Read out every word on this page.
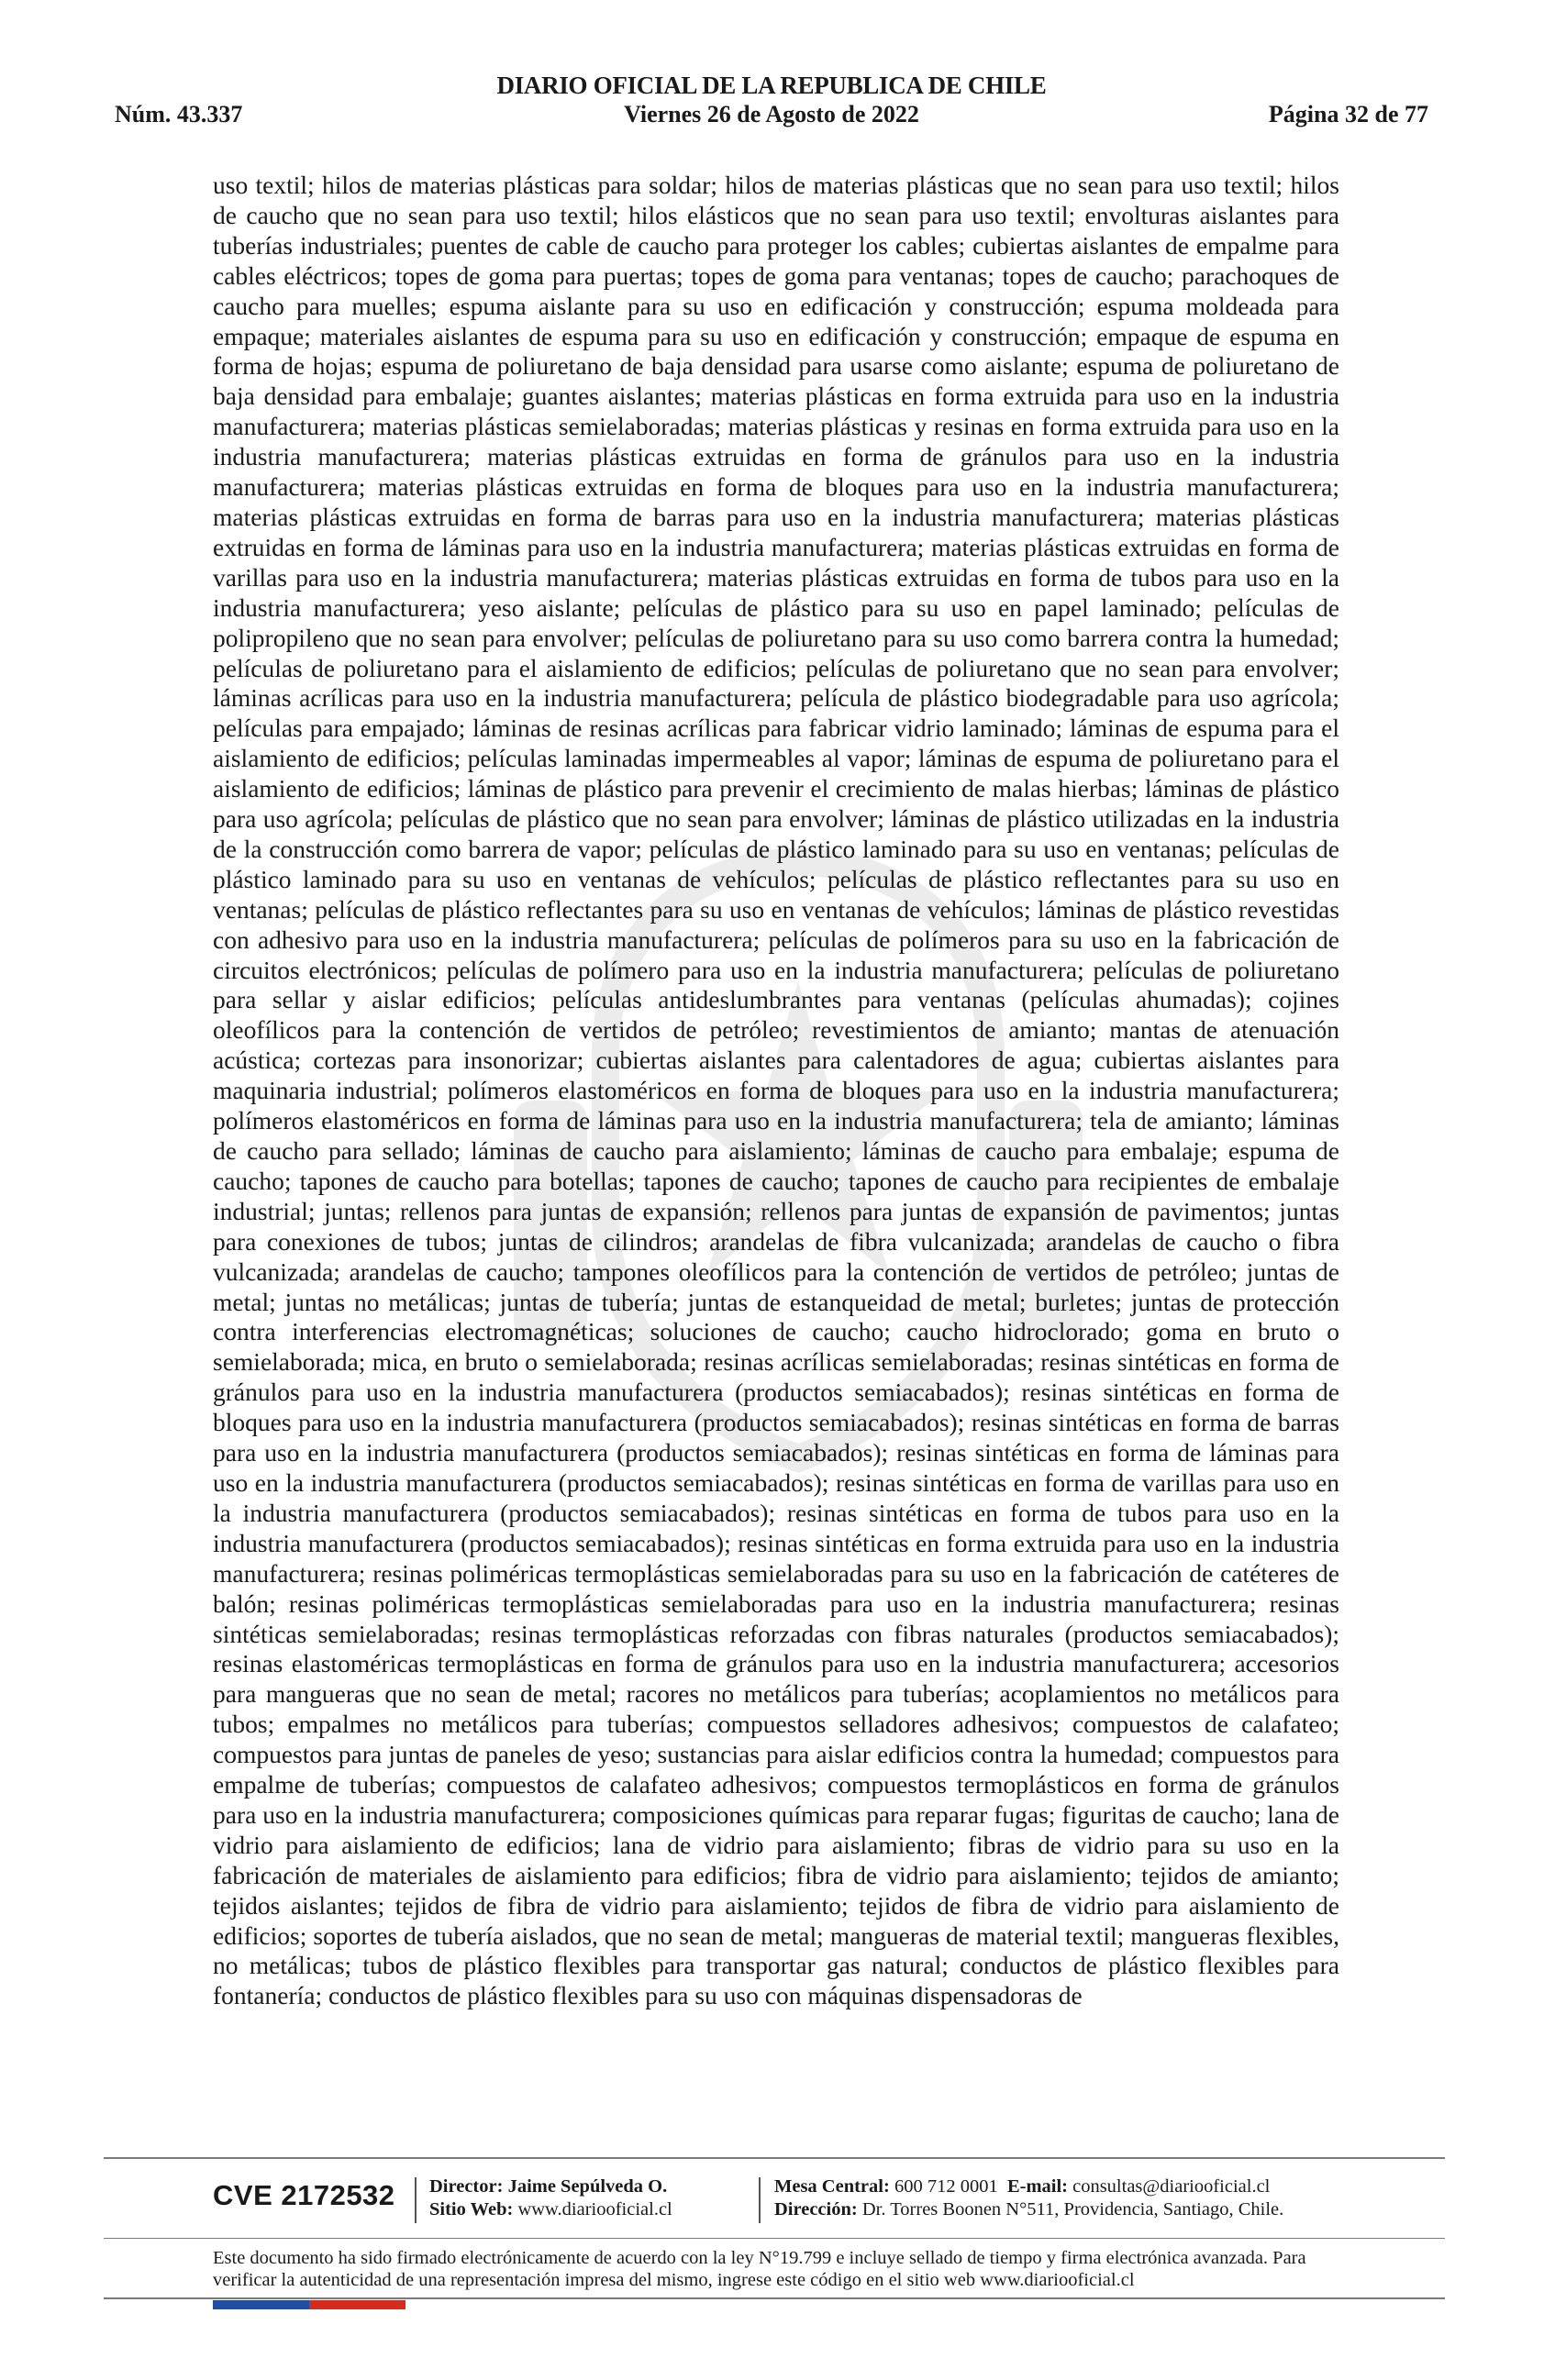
DIARIO OFICIAL DE LA REPUBLICA DE CHILE
Núm. 43.337	Viernes 26 de Agosto de 2022	Página 32 de 77

uso textil; hilos de materias plásticas para soldar; hilos de materias plásticas que no sean para uso textil; hilos de caucho que no sean para uso textil; hilos elásticos que no sean para uso textil; envolturas aislantes para tuberías industriales; puentes de cable de caucho para proteger los cables; cubiertas aislantes de empalme para cables eléctricos; topes de goma para puertas; topes de goma para ventanas; topes de caucho; parachoques de caucho para muelles; espuma aislante para su uso en edificación y construcción; espuma moldeada para empaque; materiales aislantes de espuma para su uso en edificación y construcción; empaque de espuma en forma de hojas; espuma de poliuretano de baja densidad para usarse como aislante; espuma de poliuretano de baja densidad para embalaje; guantes aislantes; materias plásticas en forma extruida para uso en la industria manufacturera; materias plásticas semielaboradas; materias plásticas y resinas en forma extruida para uso en la industria manufacturera; materias plásticas extruidas en forma de gránulos para uso en la industria manufacturera; materias plásticas extruidas en forma de bloques para uso en la industria manufacturera; materias plásticas extruidas en forma de barras para uso en la industria manufacturera; materias plásticas extruidas en forma de láminas para uso en la industria manufacturera; materias plásticas extruidas en forma de varillas para uso en la industria manufacturera; materias plásticas extruidas en forma de tubos para uso en la industria manufacturera; yeso aislante; películas de plástico para su uso en papel laminado; películas de polipropileno que no sean para envolver; películas de poliuretano para su uso como barrera contra la humedad; películas de poliuretano para el aislamiento de edificios; películas de poliuretano que no sean para envolver; láminas acrílicas para uso en la industria manufacturera; película de plástico biodegradable para uso agrícola; películas para empajado; láminas de resinas acrílicas para fabricar vidrio laminado; láminas de espuma para el aislamiento de edificios; películas laminadas impermeables al vapor; láminas de espuma de poliuretano para el aislamiento de edificios; láminas de plástico para prevenir el crecimiento de malas hierbas; láminas de plástico para uso agrícola; películas de plástico que no sean para envolver; láminas de plástico utilizadas en la industria de la construcción como barrera de vapor; películas de plástico laminado para su uso en ventanas; películas de plástico laminado para su uso en ventanas de vehículos; películas de plástico reflectantes para su uso en ventanas; películas de plástico reflectantes para su uso en ventanas de vehículos; láminas de plástico revestidas con adhesivo para uso en la industria manufacturera; películas de polímeros para su uso en la fabricación de circuitos electrónicos; películas de polímero para uso en la industria manufacturera; películas de poliuretano para sellar y aislar edificios; películas antideslumbrantes para ventanas (películas ahumadas); cojines oleofílicos para la contención de vertidos de petróleo; revestimientos de amianto; mantas de atenuación acústica; cortezas para insonorizar; cubiertas aislantes para calentadores de agua; cubiertas aislantes para maquinaria industrial; polímeros elastoméricos en forma de bloques para uso en la industria manufacturera; polímeros elastoméricos en forma de láminas para uso en la industria manufacturera; tela de amianto; láminas de caucho para sellado; láminas de caucho para aislamiento; láminas de caucho para embalaje; espuma de caucho; tapones de caucho para botellas; tapones de caucho; tapones de caucho para recipientes de embalaje industrial; juntas; rellenos para juntas de expansión; rellenos para juntas de expansión de pavimentos; juntas para conexiones de tubos; juntas de cilindros; arandelas de fibra vulcanizada; arandelas de caucho o fibra vulcanizada; arandelas de caucho; tampones oleofílicos para la contención de vertidos de petróleo; juntas de metal; juntas no metálicas; juntas de tubería; juntas de estanqueidad de metal; burletes; juntas de protección contra interferencias electromagnéticas; soluciones de caucho; caucho hidroclorado; goma en bruto o semielaborada; mica, en bruto o semielaborada; resinas acrílicas semielaboradas; resinas sintéticas en forma de gránulos para uso en la industria manufacturera (productos semiacabados); resinas sintéticas en forma de bloques para uso en la industria manufacturera (productos semiacabados); resinas sintéticas en forma de barras para uso en la industria manufacturera (productos semiacabados); resinas sintéticas en forma de láminas para uso en la industria manufacturera (productos semiacabados); resinas sintéticas en forma de varillas para uso en la industria manufacturera (productos semiacabados); resinas sintéticas en forma de tubos para uso en la industria manufacturera (productos semiacabados); resinas sintéticas en forma extruida para uso en la industria manufacturera; resinas poliméricas termoplásticas semielaboradas para su uso en la fabricación de catéteres de balón; resinas poliméricas termoplásticas semielaboradas para uso en la industria manufacturera; resinas sintéticas semielaboradas; resinas termoplásticas reforzadas con fibras naturales (productos semiacabados); resinas elastoméricas termoplásticas en forma de gránulos para uso en la industria manufacturera; accesorios para mangueras que no sean de metal; racores no metálicos para tuberías; acoplamientos no metálicos para tubos; empalmes no metálicos para tuberías; compuestos selladores adhesivos; compuestos de calafateo; compuestos para juntas de paneles de yeso; sustancias para aislar edificios contra la humedad; compuestos para empalme de tuberías; compuestos de calafateo adhesivos; compuestos termoplásticos en forma de gránulos para uso en la industria manufacturera; composiciones químicas para reparar fugas; figuritas de caucho; lana de vidrio para aislamiento de edificios; lana de vidrio para aislamiento; fibras de vidrio para su uso en la fabricación de materiales de aislamiento para edificios; fibra de vidrio para aislamiento; tejidos de amianto; tejidos aislantes; tejidos de fibra de vidrio para aislamiento; tejidos de fibra de vidrio para aislamiento de edificios; soportes de tubería aislados, que no sean de metal; mangueras de material textil; mangueras flexibles, no metálicas; tubos de plástico flexibles para transportar gas natural; conductos de plástico flexibles para fontanería; conductos de plástico flexibles para su uso con máquinas dispensadoras de

CVE 2172532 Director: Jaime Sepúlveda O.
Sitio Web: www.diariooficial.cl
Mesa Central: 600 712 0001 E-mail: consultas@diariooficial.cl
Dirección: Dr. Torres Boonen N°511, Providencia, Santiago, Chile.
Este documento ha sido firmado electrónicamente de acuerdo con la ley N°19.799 e incluye sellado de tiempo y firma electrónica avanzada. Para verificar la autenticidad de una representación impresa del mismo, ingrese este código en el sitio web www.diariooficial.cl
